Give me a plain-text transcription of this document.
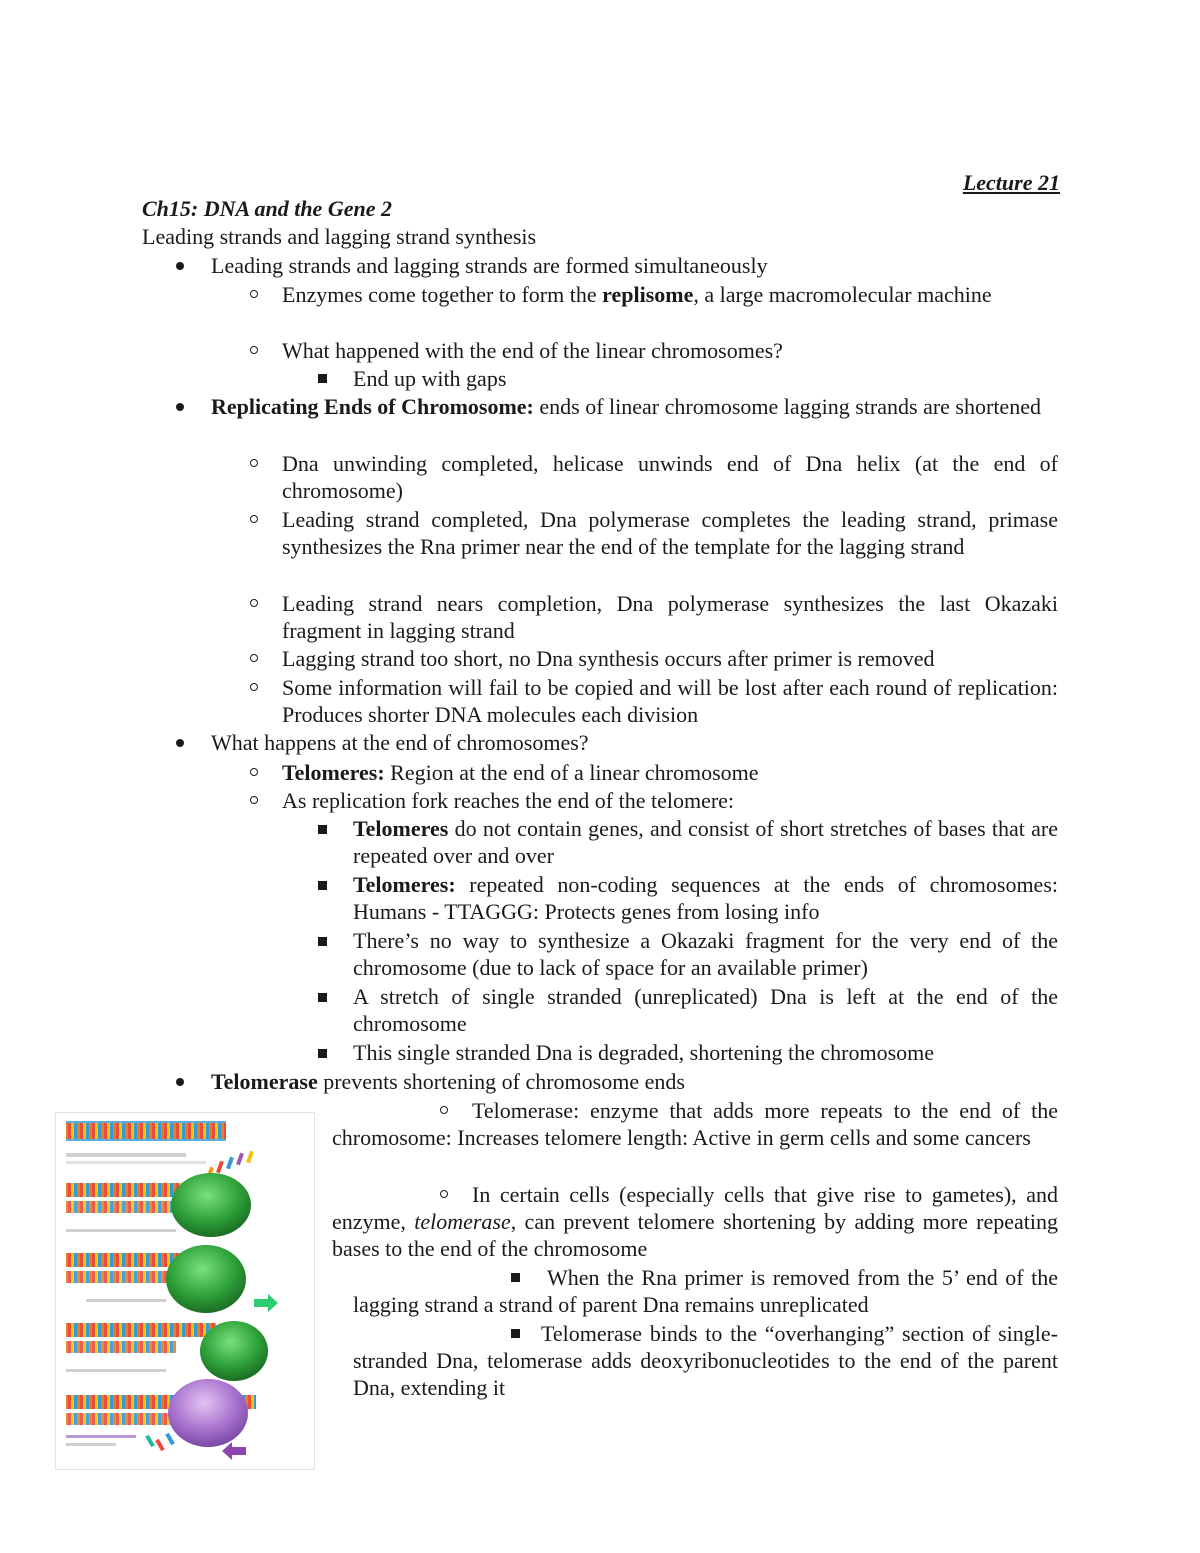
Lecture 21
Ch15: DNA and the Gene 2
Leading strands and lagging strand synthesis
Leading strands and lagging strands are formed simultaneously
Enzymes come together to form the replisome, a large macromolecular machine
What happened with the end of the linear chromosomes?
End up with gaps
Replicating Ends of Chromosome: ends of linear chromosome lagging strands are shortened
Dna unwinding completed, helicase unwinds end of Dna helix (at the end of chromosome)
Leading strand completed, Dna polymerase completes the leading strand, primase synthesizes the Rna primer near the end of the template for the lagging strand
Leading strand nears completion, Dna polymerase synthesizes the last Okazaki fragment in lagging strand
Lagging strand too short, no Dna synthesis occurs after primer is removed
Some information will fail to be copied and will be lost after each round of replication: Produces shorter DNA molecules each division
What happens at the end of chromosomes?
Telomeres: Region at the end of a linear chromosome
As replication fork reaches the end of the telomere:
Telomeres do not contain genes, and consist of short stretches of bases that are repeated over and over
Telomeres: repeated non-coding sequences at the ends of chromosomes: Humans - TTAGGG: Protects genes from losing info
There’s no way to synthesize a Okazaki fragment for the very end of the chromosome (due to lack of space for an available primer)
A stretch of single stranded (unreplicated) Dna is left at the end of the chromosome
This single stranded Dna is degraded, shortening the chromosome
Telomerase prevents shortening of chromosome ends
Telomerase: enzyme that adds more repeats to the end of the chromosome: Increases telomere length: Active in germ cells and some cancers
In certain cells (especially cells that give rise to gametes), and enzyme, telomerase, can prevent telomere shortening by adding more repeating bases to the end of the chromosome
When the Rna primer is removed from the 5’ end of the lagging strand a strand of parent Dna remains unreplicated
Telomerase binds to the “overhanging” section of single-stranded Dna, telomerase adds deoxyribonucleotides to the end of the parent Dna, extending it
